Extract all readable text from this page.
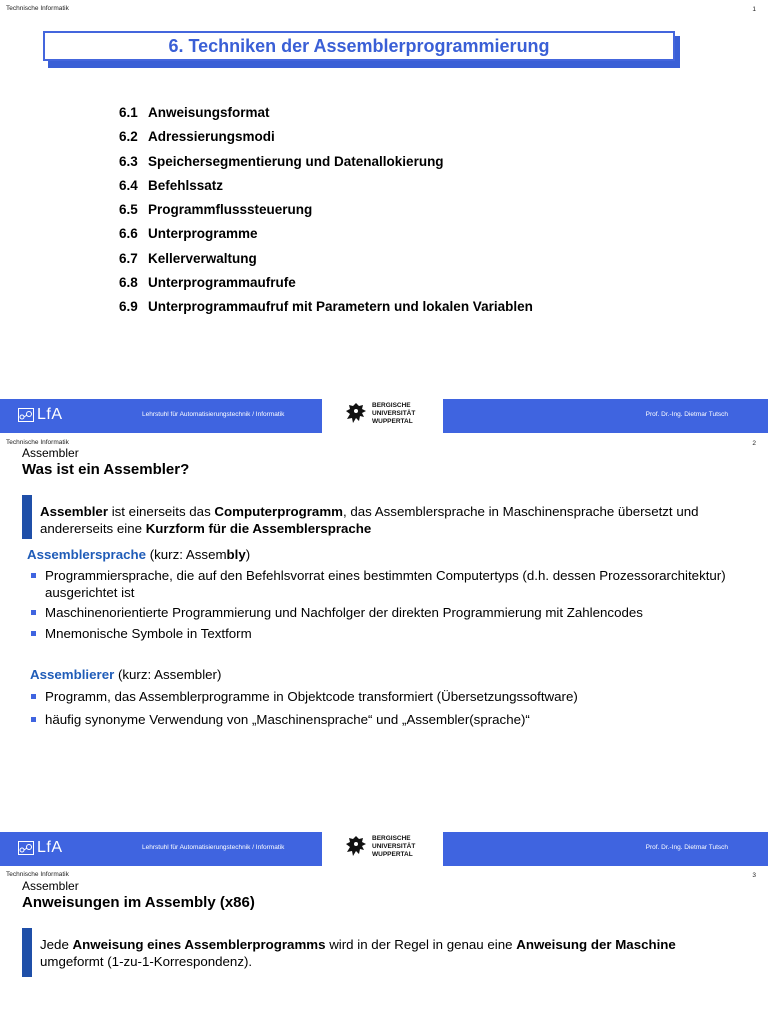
Technische Informatik	1
6. Techniken der Assemblerprogrammierung
6.1 Anweisungsformat
6.2 Adressierungsmodi
6.3 Speichersegmentierung und Datenallokierung
6.4 Befehlssatz
6.5 Programmflusssteuerung
6.6 Unterprogramme
6.7 Kellerverwaltung
6.8 Unterprogrammaufrufe
6.9 Unterprogrammaufruf mit Parametern und lokalen Variablen
LfA	Lehrstuhl für Automatisierungstechnik / Informatik
BERGISCHE
UNIVERSITÄT
WUPPERTAL
Prof. Dr.-Ing. Dietmar Tutsch
Technische Informatik	2
Assembler
Was ist ein Assembler?
Assembler ist einerseits das Computerprogramm, das Assemblersprache in Maschinensprache übersetzt und andererseits eine Kurzform für die Assemblersprache
Assemblersprache (kurz: Assembly)
Programmiersprache, die auf den Befehlsvorrat eines bestimmten Computertyps (d.h. dessen Prozessorarchitektur) ausgerichtet ist
Maschinenorientierte Programmierung und Nachfolger der direkten Programmierung mit Zahlencodes
Mnemonische Symbole in Textform
Assemblierer (kurz: Assembler)
Programm, das Assemblerprogramme in Objektcode transformiert (Übersetzungssoftware)
häufig synonyme Verwendung von „Maschinensprache“ und „Assembler(sprache)“
LfA	Lehrstuhl für Automatisierungstechnik / Informatik
BERGISCHE
UNIVERSITÄT
WUPPERTAL
Prof. Dr.-Ing. Dietmar Tutsch
Technische Informatik	3
Assembler
Anweisungen im Assembly (x86)
Jede Anweisung eines Assemblerprogramms wird in der Regel in genau eine Anweisung der Maschine umgeformt (1-zu-1-Korrespondenz).
